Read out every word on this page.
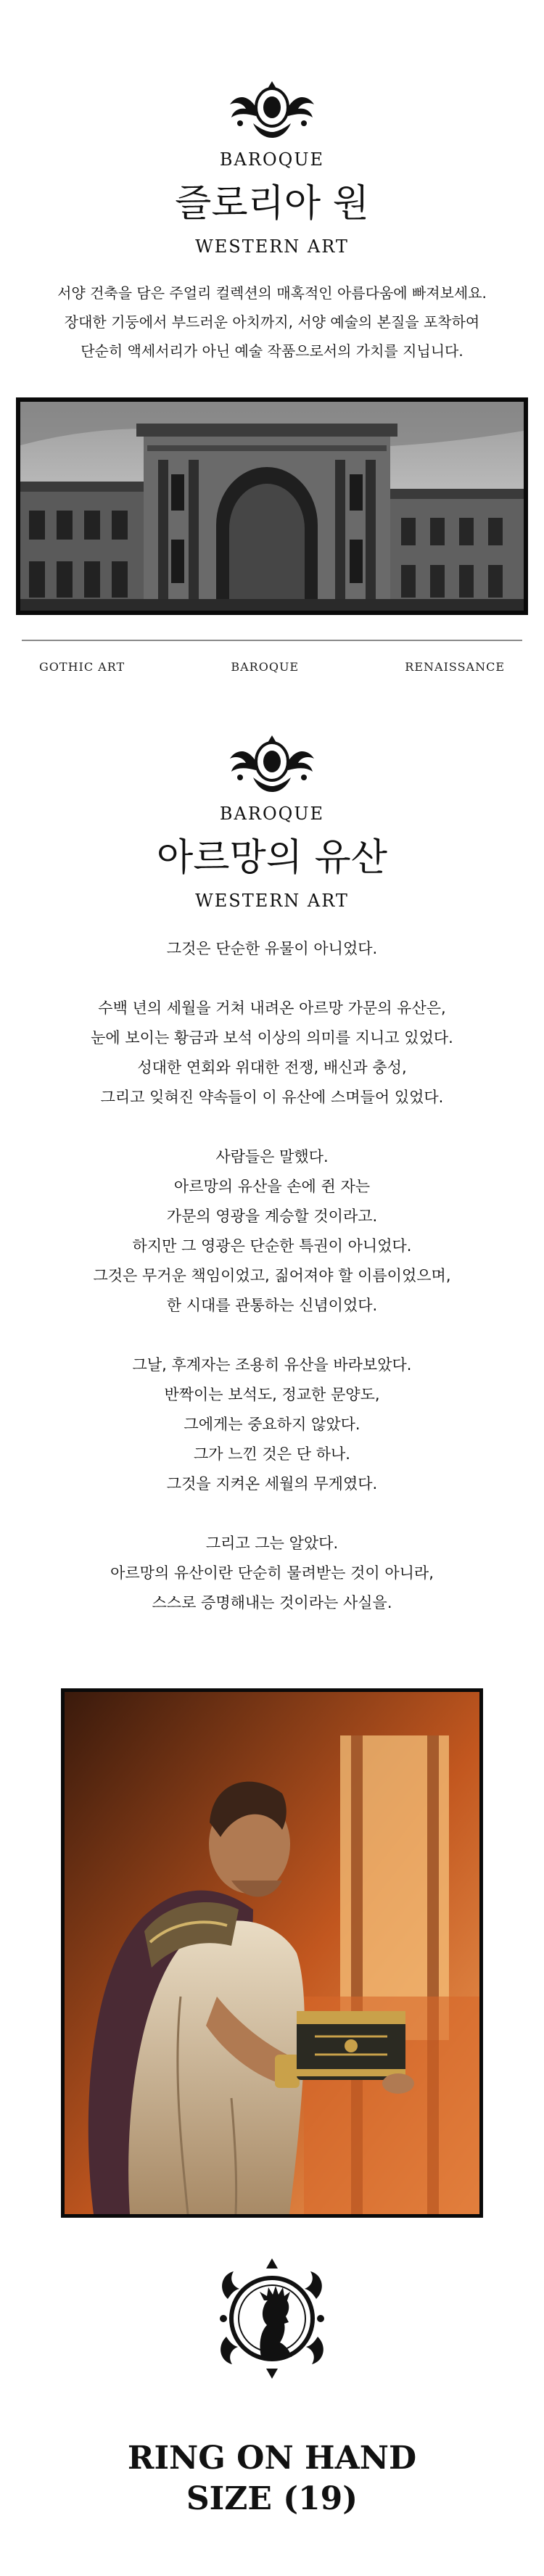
BAROQUE
즐로리아 원
WESTERN ART
서양 건축을 담은 주얼리 컬렉션의 매혹적인 아름다움에 빠져보세요.
장대한 기둥에서 부드러운 아치까지, 서양 예술의 본질을 포착하여
단순히 액세서리가 아닌 예술 작품으로서의 가치를 지닙니다.
GOTHIC ART	BAROQUE	RENAISSANCE
BAROQUE
아르망의 유산
WESTERN ART
그것은 단순한 유물이 아니었다.
수백 년의 세월을 거쳐 내려온 아르망 가문의 유산은,
눈에 보이는 황금과 보석 이상의 의미를 지니고 있었다.
성대한 연회와 위대한 전쟁, 배신과 충성,
그리고 잊혀진 약속들이 이 유산에 스며들어 있었다.
사람들은 말했다.
아르망의 유산을 손에 쥔 자는
가문의 영광을 계승할 것이라고.
하지만 그 영광은 단순한 특권이 아니었다.
그것은 무거운 책임이었고, 짊어져야 할 이름이었으며,
한 시대를 관통하는 신념이었다.
그날, 후계자는 조용히 유산을 바라보았다.
반짝이는 보석도, 정교한 문양도,
그에게는 중요하지 않았다.
그가 느낀 것은 단 하나.
그것을 지켜온 세월의 무게였다.
그리고 그는 알았다.
아르망의 유산이란 단순히 물려받는 것이 아니라,
스스로 증명해내는 것이라는 사실을.
RING ON HAND
SIZE (19)
